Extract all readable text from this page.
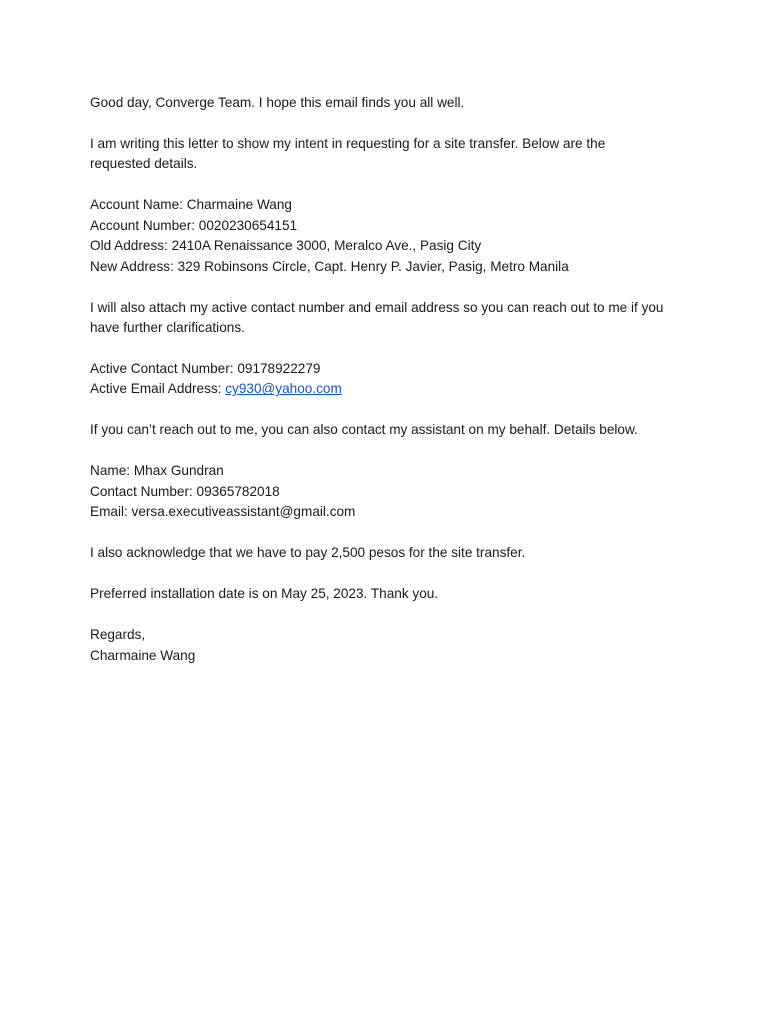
Good day, Converge Team. I hope this email finds you all well.

I am writing this letter to show my intent in requesting for a site transfer. Below are the
requested details.

Account Name: Charmaine Wang
Account Number: 0020230654151
Old Address: 2410A Renaissance 3000, Meralco Ave., Pasig City
New Address: 329 Robinsons Circle, Capt. Henry P. Javier, Pasig, Metro Manila

I will also attach my active contact number and email address so you can reach out to me if you
have further clarifications.

Active Contact Number: 09178922279
Active Email Address: cy930@yahoo.com

If you can’t reach out to me, you can also contact my assistant on my behalf. Details below.

Name: Mhax Gundran
Contact Number: 09365782018
Email: versa.executiveassistant@gmail.com

I also acknowledge that we have to pay 2,500 pesos for the site transfer.

Preferred installation date is on May 25, 2023. Thank you.

Regards,
Charmaine Wang
